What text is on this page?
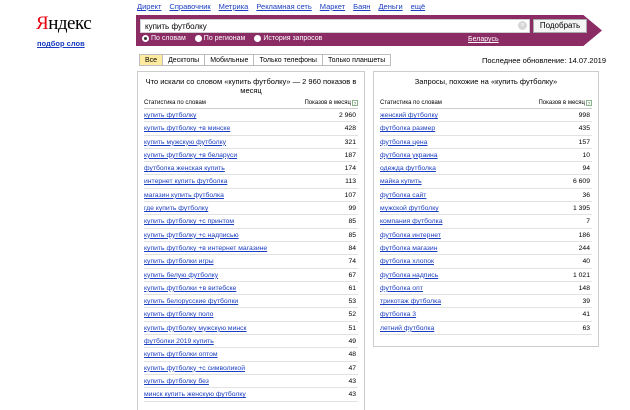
Директ Справочник Метрика Рекламная сеть Маркет Баян Деньги ещё
Яндекс
подбор слов
купить футболку
×	Подобрать
По словам	По регионам	История запросов	Беларусь
Все	Десктопы	Мобильные	Только телефоны	Только планшеты	Последнее обновление: 14.07.2019
Что искали со словом «купить футболку» — 2 960 показов в месяц
Статистика по словам	Показов в месяц ?
купить футболку	2 960
купить футболку +в минске	428
купить мужскую футболку	321
купить футболку +в беларуси	187
футболка женская купить	174
интернет купить футболка	113
магазин купить футболка	107
где купить футболку	99
купить футболку +с принтом	85
купить футболку +с надписью	85
купить футболку +в интернет магазине	84
купить футболки игры	74
купить белую футболку	67
купить футболки +в витебске	61
купить белорусские футболки	53
купить футболку поло	52
купить футболку мужскую минск	51
футболки 2019 купить	49
купить футболки оптом	48
купить футболку +с символикой	47
купить футболку без	43
минск купить женскую футболку	43
Запросы, похожие на «купить футболку»
Статистика по словам	Показов в месяц ?
женский футболку	998
футболка размер	435
футболка цена	157
футболка украина	10
одежда футболка	94
майка купить	6 609
футболка сайт	36
мужской футболку	1 395
компания футболка	7
футболка интернет	186
футболка магазин	244
футболка хлопок	40
футболка надпись	1 021
футболка опт	148
трикотаж футболка	39
футболка 3	41
летний футболка	63
